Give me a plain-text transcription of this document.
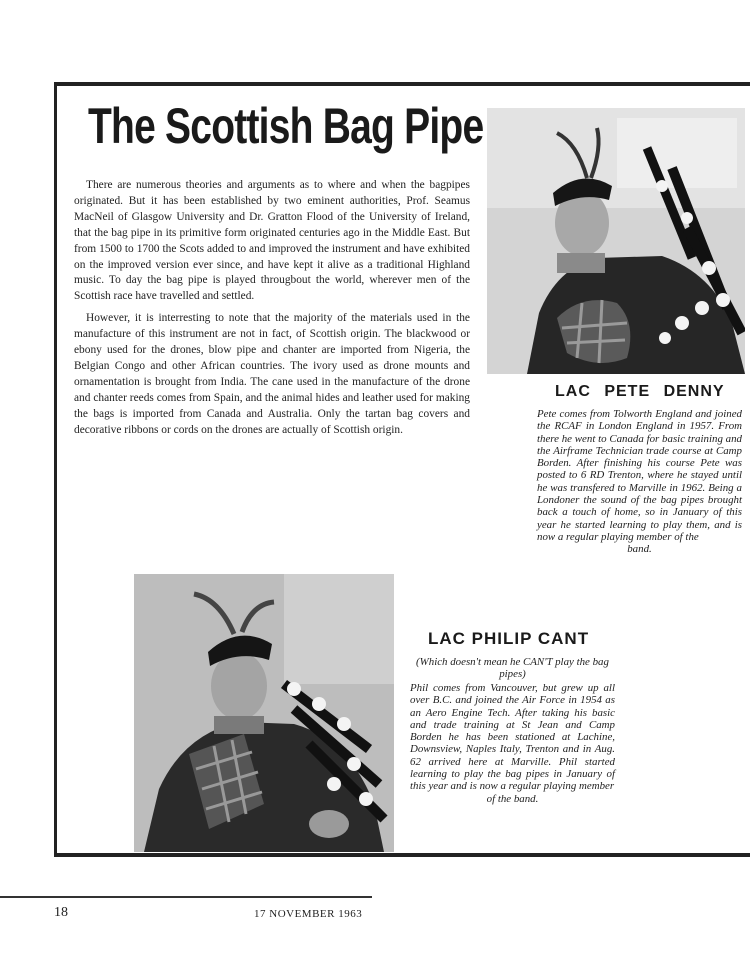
The Scottish Bag Pipe

There are numerous theories and arguments as to where and when the bagpipes originated. But it has been established by two eminent authorities, Prof. Seamus MacNeil of Glasgow University and Dr. Gratton Flood of the University of Ireland, that the bag pipe in its primitive form originated centuries ago in the Middle East. But from 1500 to 1700 the Scots added to and improved the instrument and have exhibited on the improved version ever since, and have kept it alive as a traditional Highland music. To day the bag pipe is played througbout the world, wherever men of the Scottish race have travelled and settled.

However, it is interresting to note that the majority of the materials used in the manufacture of this instrument are not in fact, of Scottish origin. The blackwood or ebony used for the drones, blow pipe and chanter are imported from Nigeria, the Belgian Congo and other African countries. The ivory used as drone mounts and ornamentation is brought from India. The cane used in the manufacture of the drone and chanter reeds comes from Spain, and the animal hides and leather used for making the bags is imported from Canada and Australia. Only the tartan bag covers and decorative ribbons or cords on the drones are actually of Scottish origin.

LAC PETE DENNY

Pete comes from Tolworth England and joined the RCAF in London England in 1957. From there he went to Canada for basic training and the Airframe Technician trade course at Camp Borden. After finishing his course Pete was posted to 6 RD Trenton, where he stayed until he was transfered to Marville in 1962. Being a Londoner the sound of the bag pipes brought back a touch of home, so in January of this year he started learning to play them, and is now a regular playing member of the
band.

LAC PHILIP CANT

(Which doesn't mean he CAN'T play the bag pipes)

Phil comes from Vancouver, but grew up all over B.C. and joined the Air Force in 1954 as an Aero Engine Tech. After taking his basic and trade training at St Jean and Camp Borden he has been stationed at Lachine, Downsview, Naples Italy, Trenton and in Aug. 62 arrived here at Marville. Phil started learning to play the bag pipes in January of this year and is now a regular playing member
of the band.

18	17 NOVEMBER 1963
